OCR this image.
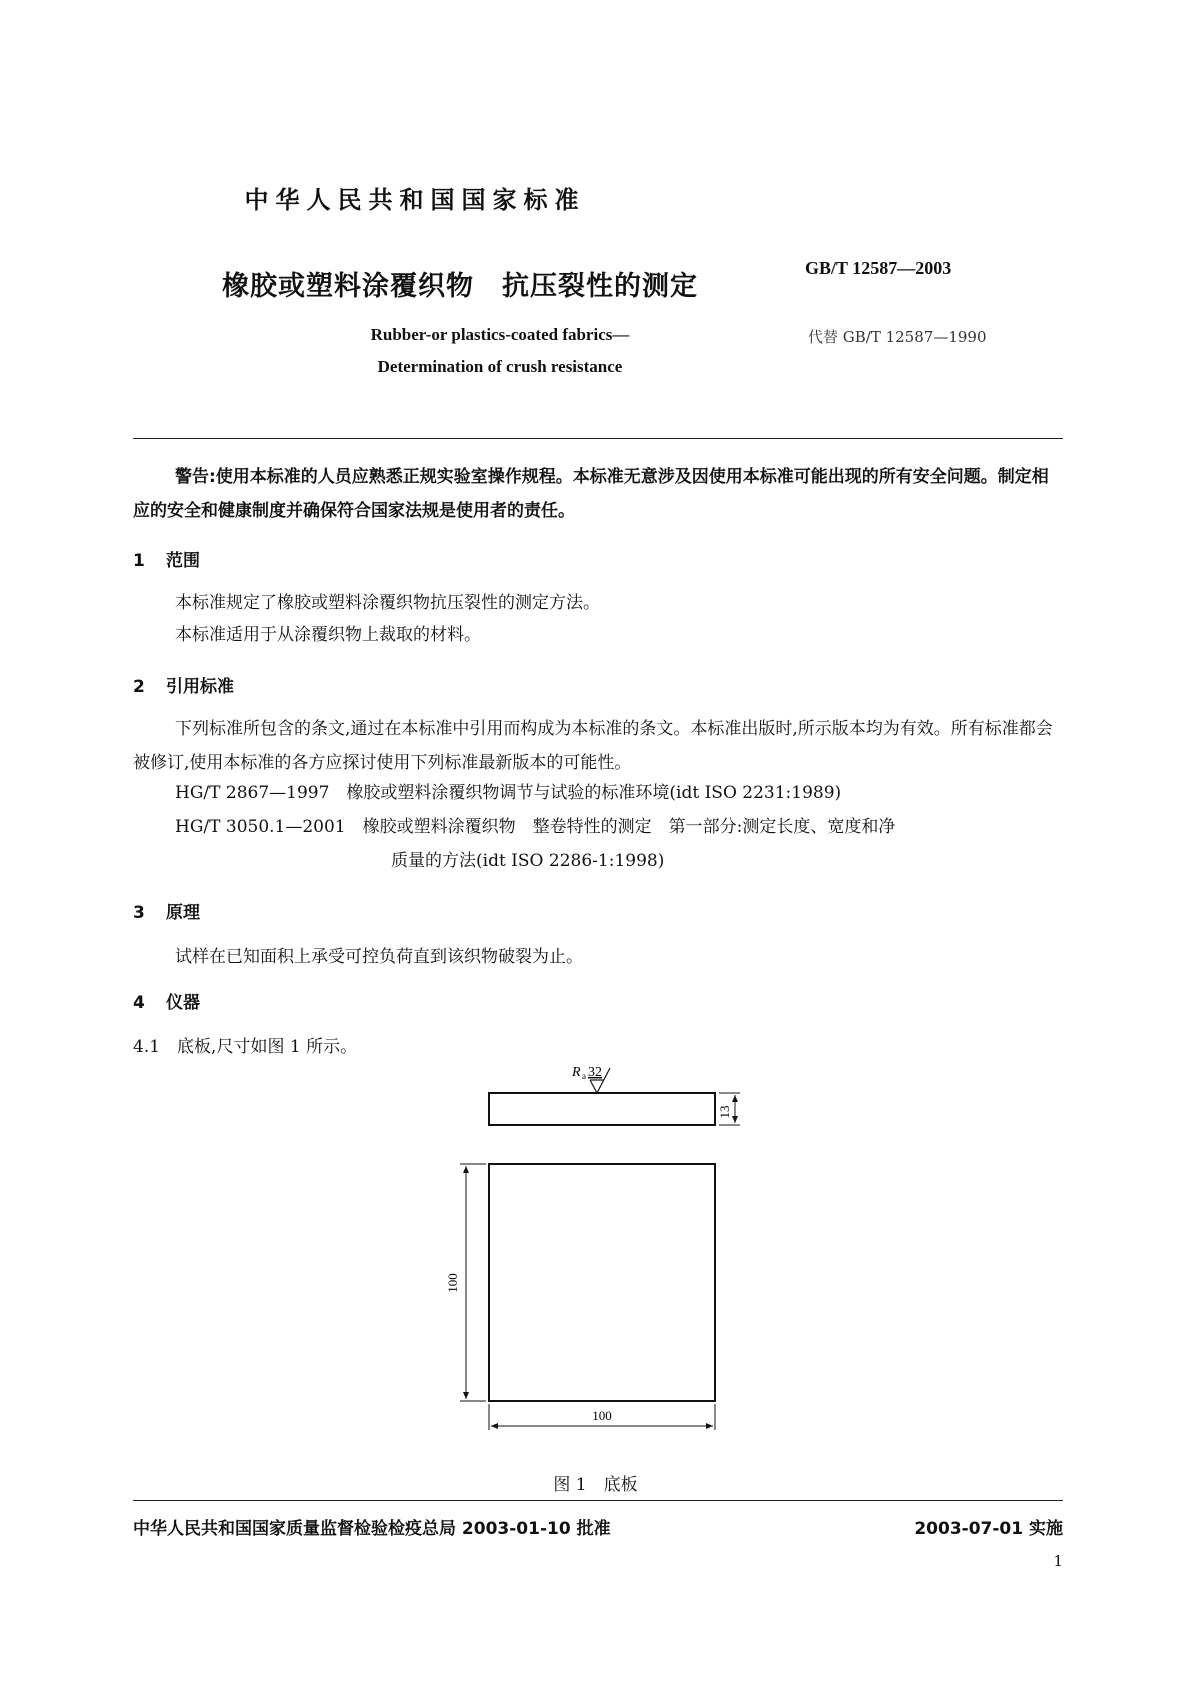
中华人民共和国国家标准
橡胶或塑料涂覆织物　抗压裂性的测定
GB/T 12587—2003
Rubber-or plastics-coated fabrics—
Determination of crush resistance
代替 GB/T 12587—1990
警告:使用本标准的人员应熟悉正规实验室操作规程。本标准无意涉及因使用本标准可能出现的所有安全问题。制定相应的安全和健康制度并确保符合国家法规是使用者的责任。
1 范围
本标准规定了橡胶或塑料涂覆织物抗压裂性的测定方法。
本标准适用于从涂覆织物上裁取的材料。
2 引用标准
下列标准所包含的条文,通过在本标准中引用而构成为本标准的条文。本标准出版时,所示版本均为有效。所有标准都会被修订,使用本标准的各方应探讨使用下列标准最新版本的可能性。
HG/T 2867—1997　橡胶或塑料涂覆织物调节与试验的标准环境(idt ISO 2231:1989)
HG/T 3050.1—2001　橡胶或塑料涂覆织物　整卷特性的测定　第一部分:测定长度、宽度和净
质量的方法(idt ISO 2286-1:1998)
3 原理
试样在已知面积上承受可控负荷直到该织物破裂为止。
4 仪器
4.1　底板,尺寸如图 1 所示。
R a 32
13
100
100
图 1　底板
中华人民共和国国家质量监督检验检疫总局 2003-01-10 批准	2003-07-01 实施
1
